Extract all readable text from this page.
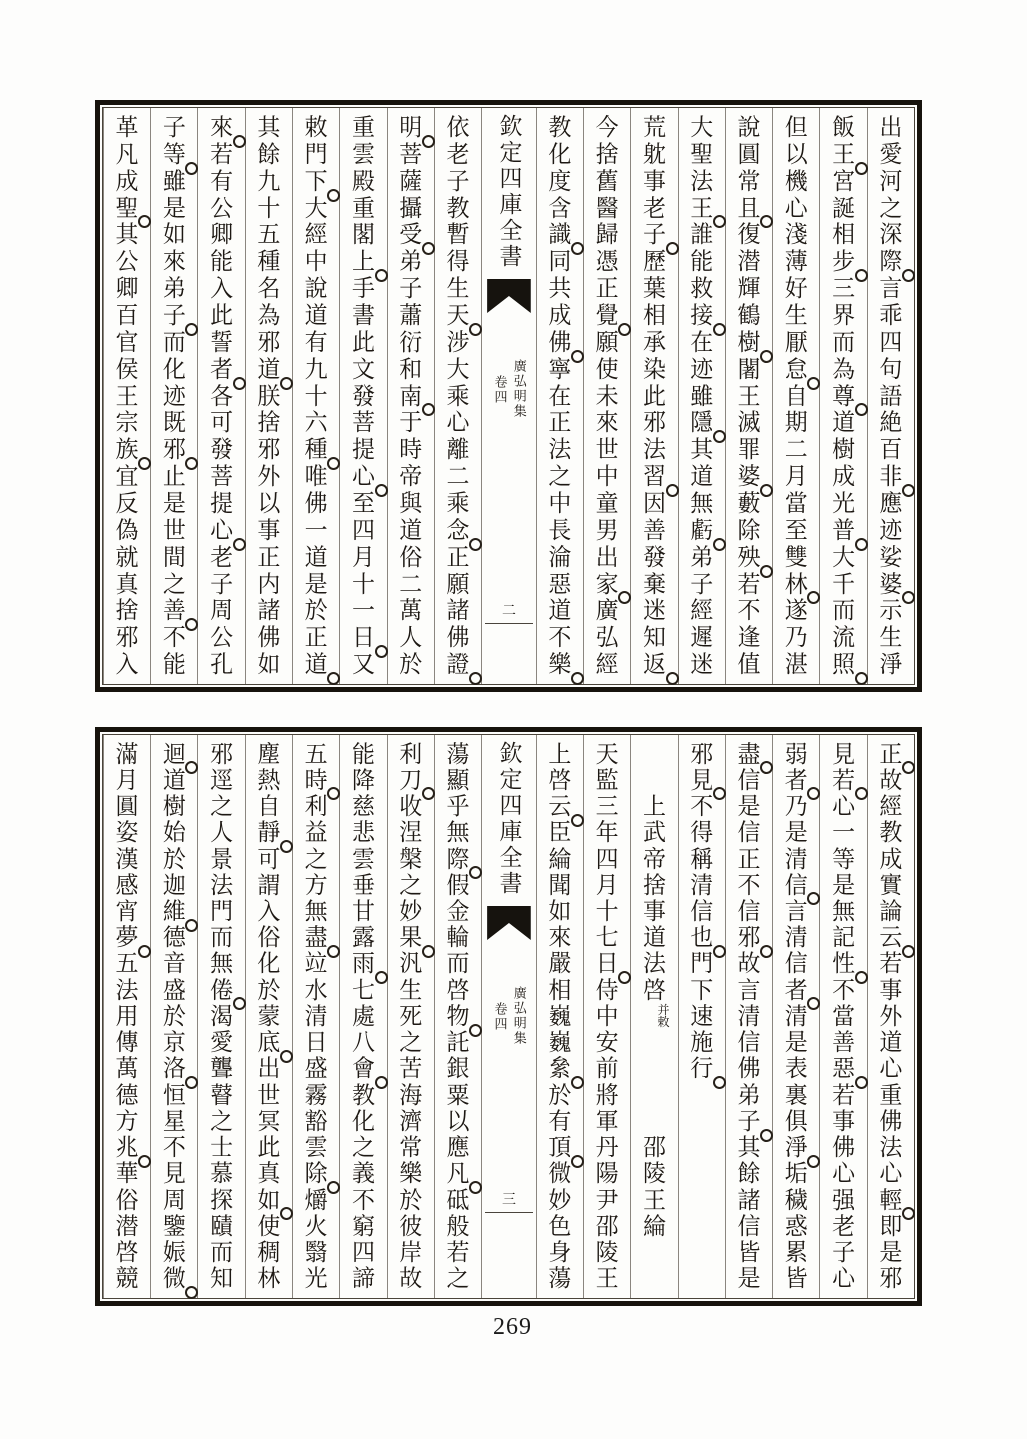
出
愛
河
之
深
際
言
乖
四
句
語
絶
百
非
應
迹
娑
婆
示
生
淨
飯
王
宮
誕
相
步
三
界
而
為
尊
道
樹
成
光
普
大
千
而
流
照
但
以
機
心
淺
薄
好
生
厭
怠
自
期
二
月
當
至
雙
林
遂
乃
湛
說
圓
常
且
復
潜
輝
鶴
樹
闍
王
滅
罪
婆
藪
除
殃
若
不
逢
值
大
聖
法
王
誰
能
救
接
在
迹
雖
隱
其
道
無
虧
弟
子
經
遲
迷
荒
躭
事
老
子
歷
葉
相
承
染
此
邪
法
習
因
善
發
棄
迷
知
返
今
捨
舊
醫
歸
憑
正
覺
願
使
未
來
世
中
童
男
出
家
廣
弘
經
教
化
度
含
識
同
共
成
佛
寧
在
正
法
之
中
長
淪
惡
道
不
樂
欽定四庫全書
廣弘明集
卷四
二
依
老
子
教
暫
得
生
天
涉
大
乘
心
離
二
乘
念
正
願
諸
佛
證
明
菩
薩
攝
受
弟
子
蕭
衍
和
南
于
時
帝
與
道
俗
二
萬
人
於
重
雲
殿
重
閣
上
手
書
此
文
發
菩
提
心
至
四
月
十
一
日
又
敕
門
下
大
經
中
說
道
有
九
十
六
種
唯
佛
一
道
是
於
正
道
其
餘
九
十
五
種
名
為
邪
道
朕
捨
邪
外
以
事
正
内
諸
佛
如
來
若
有
公
卿
能
入
此
誓
者
各
可
發
菩
提
心
老
子
周
公
孔
子
等
雖
是
如
來
弟
子
而
化
迹
既
邪
止
是
世
間
之
善
不
能
革
凡
成
聖
其
公
卿
百
官
侯
王
宗
族
宜
反
偽
就
真
捨
邪
入
正
故
經
教
成
實
論
云
若
事
外
道
心
重
佛
法
心
輕
即
是
邪
見
若
心
一
等
是
無
記
性
不
當
善
惡
若
事
佛
心
强
老
子
心
弱
者
乃
是
清
信
言
清
信
者
清
是
表
裏
俱
淨
垢
穢
惑
累
皆
盡
信
是
信
正
不
信
邪
故
言
清
信
佛
弟
子
其
餘
諸
信
皆
是
邪
見
不
得
稱
清
信
也
門
下
速
施
行
上
武
帝
捨
事
道
法
啓
并
敕
邵
陵
王
綸
天
監
三
年
四
月
十
七
日
侍
中
安
前
將
軍
丹
陽
尹
邵
陵
王
上
啓
云
臣
綸
聞
如
來
嚴
相
巍
巍
絫
於
有
頂
微
妙
色
身
蕩
欽定四庫全書
廣弘明集
卷四
三
蕩
顯
乎
無
際
假
金
輪
而
啓
物
託
銀
粟
以
應
凡
砥
般
若
之
利
刀
收
涅
槃
之
妙
果
汎
生
死
之
苦
海
濟
常
樂
於
彼
岸
故
能
降
慈
悲
雲
垂
甘
露
雨
七
處
八
會
教
化
之
義
不
窮
四
諦
五
時
利
益
之
方
無
盡
竝
水
清
日
盛
霧
豁
雲
除
爝
火
翳
光
塵
熱
自
靜
可
謂
入
俗
化
於
蒙
底
出
世
冥
此
真
如
使
稠
林
邪
逕
之
人
景
法
門
而
無
倦
渴
愛
聾
瞽
之
士
慕
探
賾
而
知
迴
道
樹
始
於
迦
維
德
音
盛
於
京
洛
恒
星
不
見
周
鑒
娠
微
滿
月
圓
姿
漢
感
宵
夢
五
法
用
傳
萬
德
方
兆
華
俗
潜
啓
競
269
